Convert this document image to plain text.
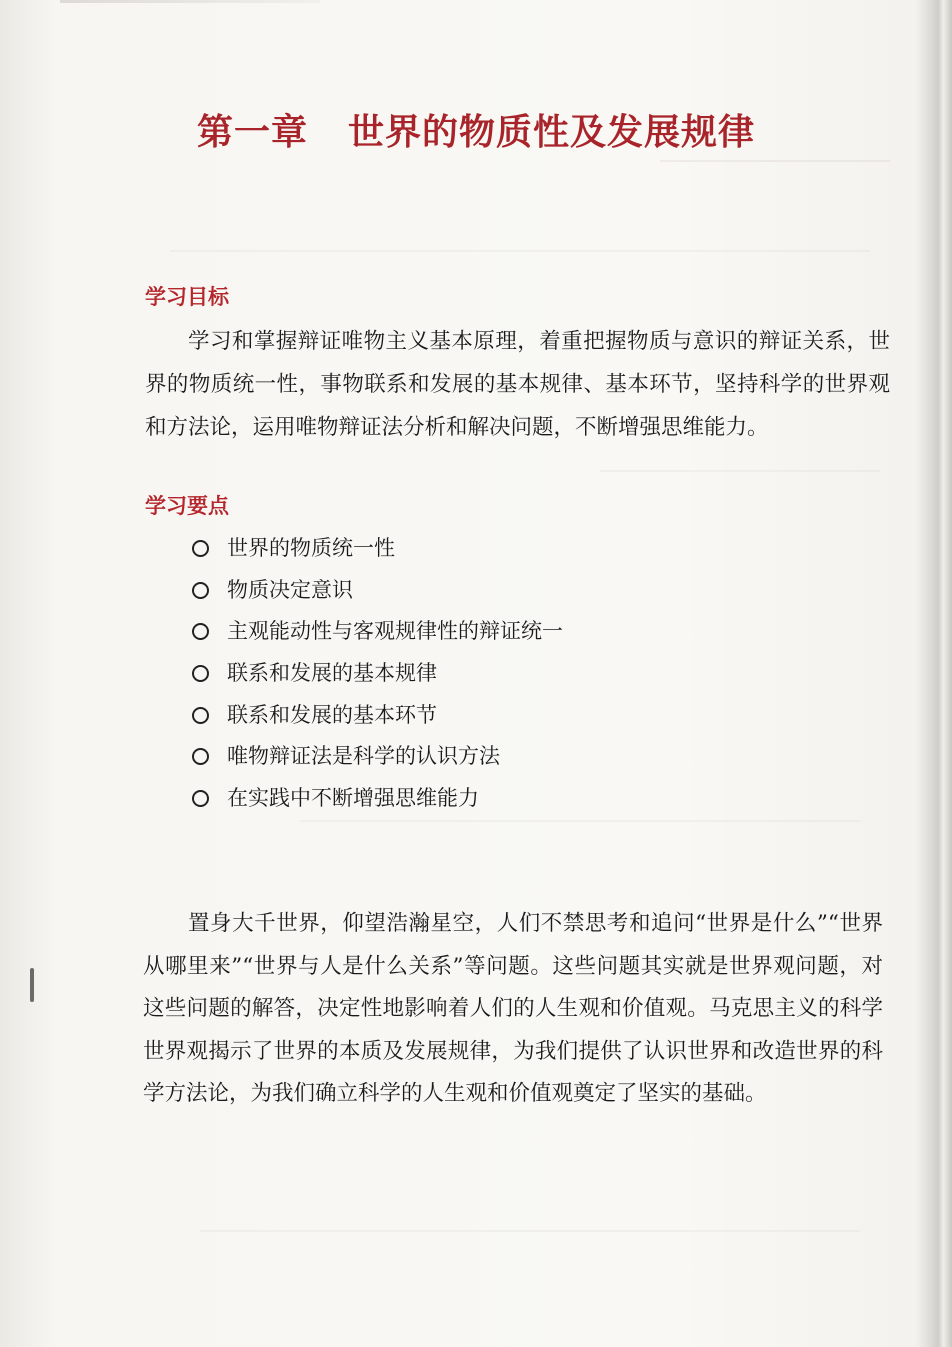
第一章 世界的物质性及发展规律
学习目标
学习和掌握辩证唯物主义基本原理，着重把握物质与意识的辩证关系，世界的物质统一性，事物联系和发展的基本规律、基本环节，坚持科学的世界观和方法论，运用唯物辩证法分析和解决问题，不断增强思维能力。
学习要点
世界的物质统一性
物质决定意识
主观能动性与客观规律性的辩证统一
联系和发展的基本规律
联系和发展的基本环节
唯物辩证法是科学的认识方法
在实践中不断增强思维能力
置身大千世界，仰望浩瀚星空，人们不禁思考和追问“世界是什么”“世界从哪里来”“世界与人是什么关系”等问题。这些问题其实就是世界观问题，对这些问题的解答，决定性地影响着人们的人生观和价值观。马克思主义的科学世界观揭示了世界的本质及发展规律，为我们提供了认识世界和改造世界的科学方法论，为我们确立科学的人生观和价值观奠定了坚实的基础。
